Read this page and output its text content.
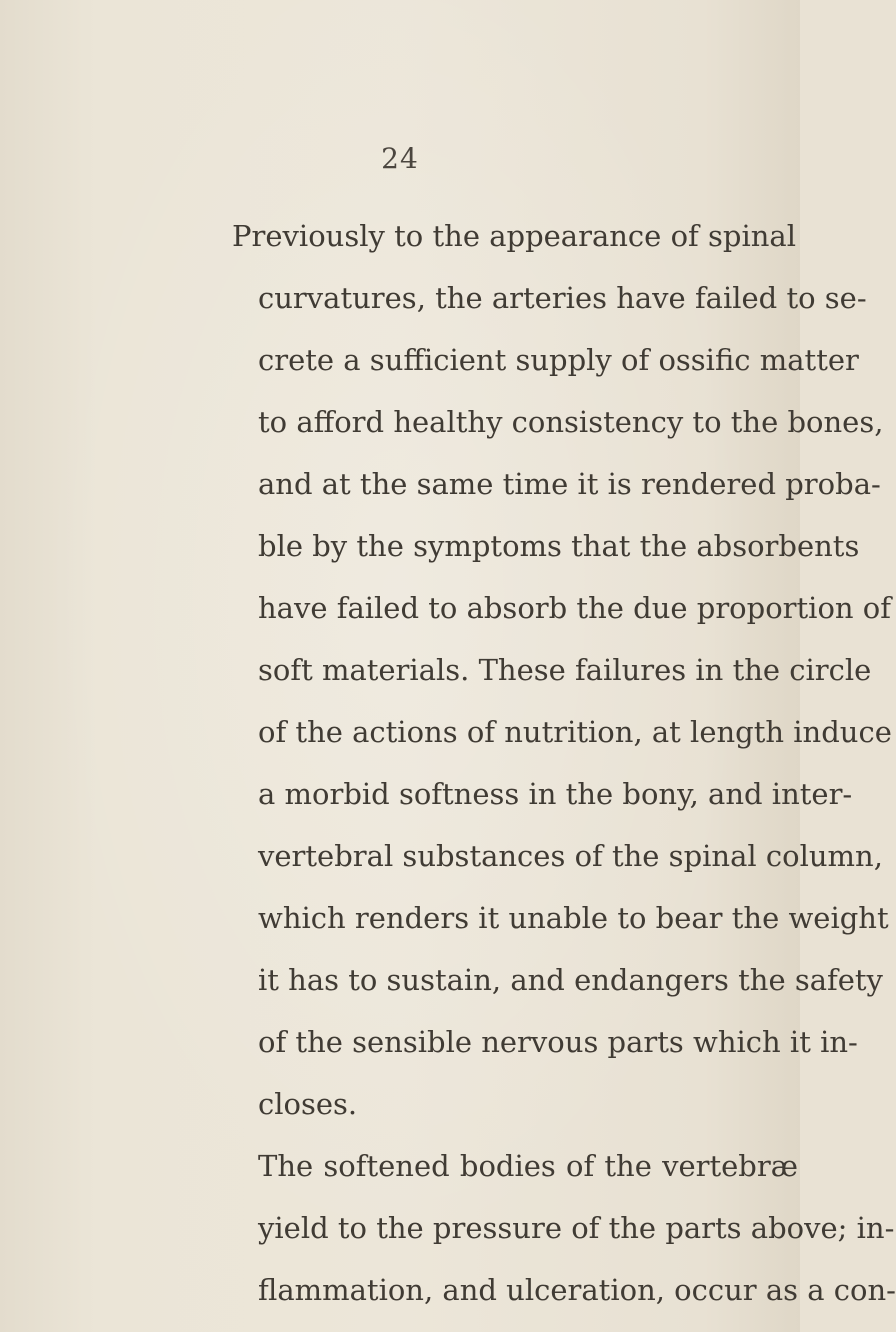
24
Previously to the appearance of spinal
curvatures, the arteries have failed to se-
crete a sufficient supply of ossific matter
to afford healthy consistency to the bones,
and at the same time it is rendered proba-
ble by the symptoms that the absorbents
have failed to absorb the due proportion of
soft materials. These failures in the circle
of the actions of nutrition, at length induce
a morbid softness in the bony, and inter-
vertebral substances of the spinal column,
which renders it unable to bear the weight
it has to sustain, and endangers the safety
of the sensible nervous parts which it in-
closes.
The softened bodies of the vertebræ
yield to the pressure of the parts above; in-
flammation, and ulceration, occur as a con-
